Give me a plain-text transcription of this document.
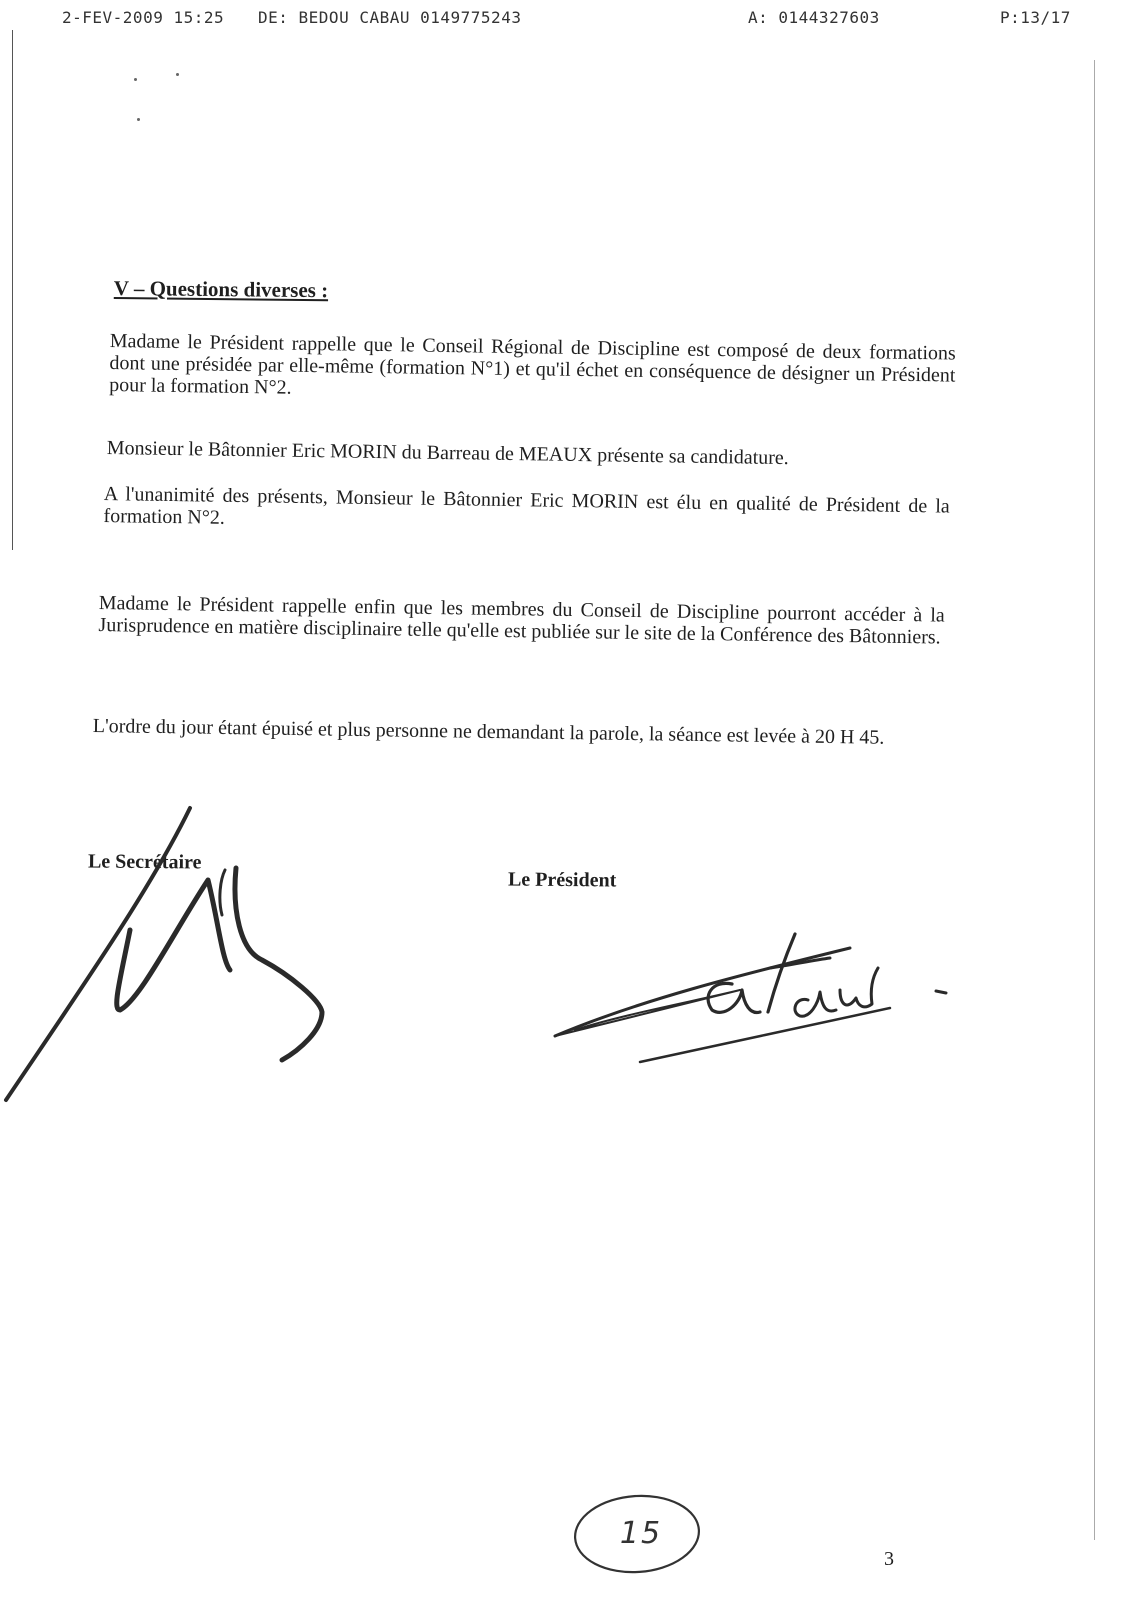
2-FEV-2009 15:25 DE: BEDOU CABAU 0149775243	A: 0144327603	P:13/17
V – Questions diverses :
Madame le Président rappelle que le Conseil Régional de Discipline est composé de deux formations dont une présidée par elle-même (formation N°1) et qu'il échet en conséquence de désigner un Président pour la formation N°2.
Monsieur le Bâtonnier Eric MORIN du Barreau de MEAUX présente sa candidature.
A l'unanimité des présents, Monsieur le Bâtonnier Eric MORIN est élu en qualité de Président de la formation N°2.
Madame le Président rappelle enfin que les membres du Conseil de Discipline pourront accéder à la Jurisprudence en matière disciplinaire telle qu'elle est publiée sur le site de la Conférence des Bâtonniers.
L'ordre du jour étant épuisé et plus personne ne demandant la parole, la séance est levée à 20 H 45.
Le Secrétaire
Le Président
15
3
